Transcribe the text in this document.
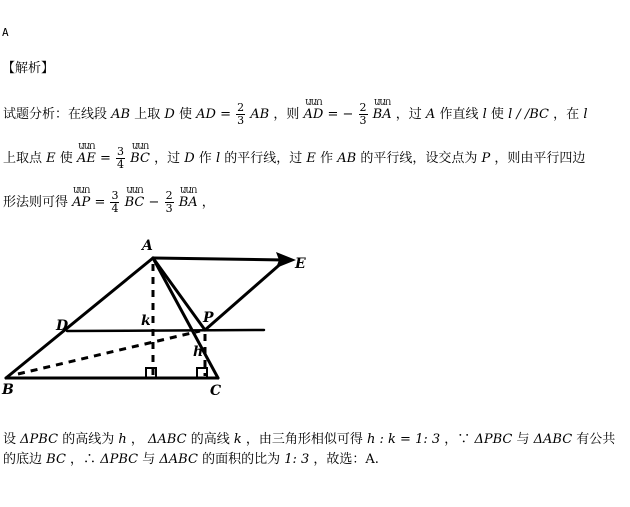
A
【解析】
试题分析：在线段 AB 上取 D 使 AD = $\frac{2}{3}$ AB ，则
ԱԱՈ
AD = − $\frac{2}{3}$
ԱԱՈ
BA ，过 A 作直线 l 使 l / /BC ，在 l
上取点 E 使
ԱԱՈ
AE = $\frac{3}{4}$
ԱԱՈ
BC ，过 D 作 l 的平行线，过 E 作 AB 的平行线，设交点为 P ，则由平行四边
形法则可得
ԱԱՈ
AP = $\frac{3}{4}$
ԱԱՈ
BC − $\frac{2}{3}$
ԱԱՈ
BA ，
A
B	C
D
E
P
k
h
设 ΔPBC 的高线为 h ， ΔABC 的高线 k ，由三角形相似可得 h : k = 1: 3 ，∵ ΔPBC 与 ΔABC 有公共
的底边 BC ，∴ ΔPBC 与 ΔABC 的面积的比为 1: 3 ，故选：A.
